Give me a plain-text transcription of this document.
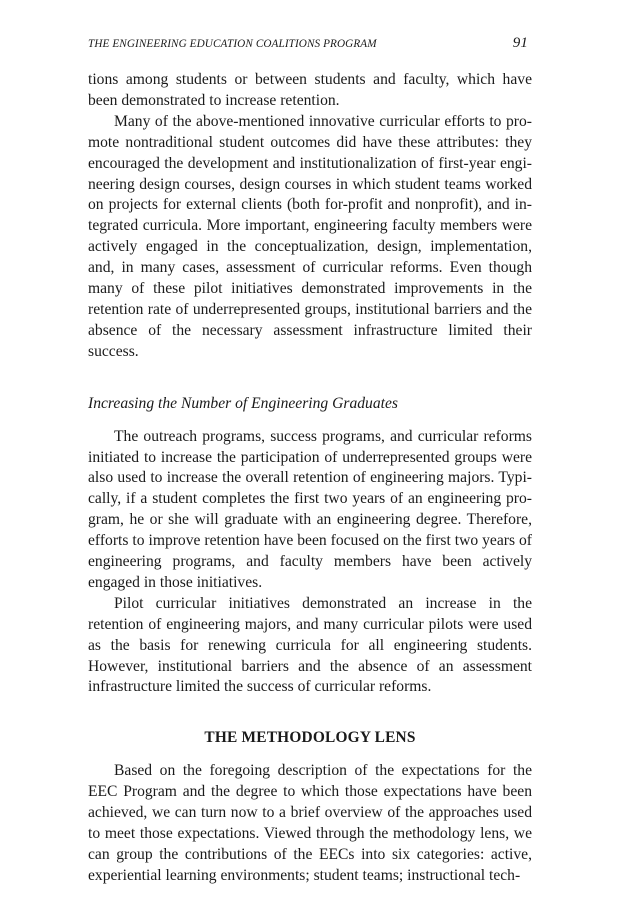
THE ENGINEERING EDUCATION COALITIONS PROGRAM	91

tions among students or between students and faculty, which have been demonstrated to increase retention.

Many of the above-mentioned innovative curricular efforts to promote nontraditional student outcomes did have these attributes: they encouraged the development and institutionalization of first-year engineering design courses, design courses in which student teams worked on projects for external clients (both for-profit and nonprofit), and integrated curricula. More important, engineering faculty members were actively engaged in the conceptualization, design, implementation, and, in many cases, assessment of curricular reforms. Even though many of these pilot initiatives demonstrated improvements in the retention rate of underrepresented groups, institutional barriers and the absence of the necessary assessment infrastructure limited their success.

Increasing the Number of Engineering Graduates

The outreach programs, success programs, and curricular reforms initiated to increase the participation of underrepresented groups were also used to increase the overall retention of engineering majors. Typically, if a student completes the first two years of an engineering program, he or she will graduate with an engineering degree. Therefore, efforts to improve retention have been focused on the first two years of engineering programs, and faculty members have been actively engaged in those initiatives.

Pilot curricular initiatives demonstrated an increase in the retention of engineering majors, and many curricular pilots were used as the basis for renewing curricula for all engineering students. However, institutional barriers and the absence of an assessment infrastructure limited the success of curricular reforms.

THE METHODOLOGY LENS

Based on the foregoing description of the expectations for the EEC Program and the degree to which those expectations have been achieved, we can turn now to a brief overview of the approaches used to meet those expectations. Viewed through the methodology lens, we can group the contributions of the EECs into six categories: active, experiential learning environments; student teams; instructional tech-
